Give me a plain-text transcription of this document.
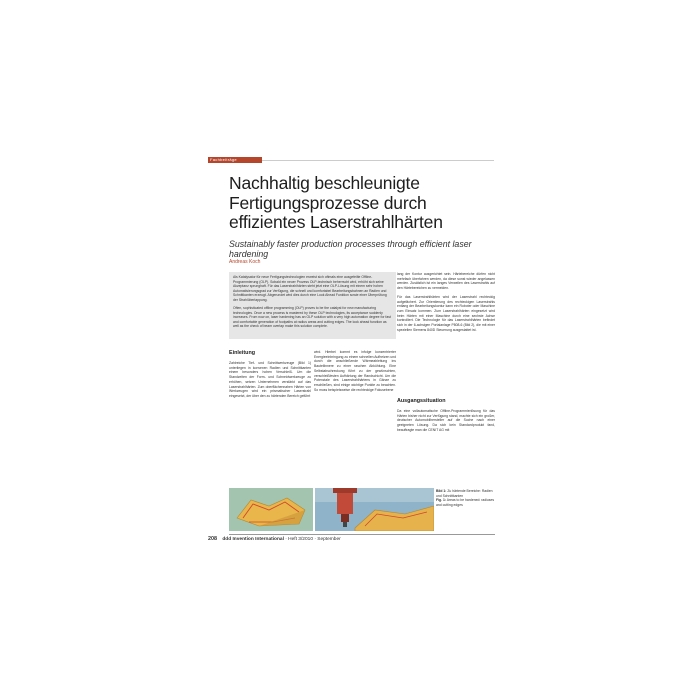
Fachbeiträge
Nachhaltig beschleunigte Fertigungsprozesse durch effizientes Laserstrahlhärten
Sustainably faster production processes through efficient laser hardening
Andreas Koch

Als Katalysator für neue Fertigungstechnologien erweist sich oftmals eine ausgefeilte Offline-Programmierung (OLP). Sobald ein neuer Prozess OLP-technisch beherrscht wird, erhöht sich seine Akzeptanz sprunghaft. Für das Laserstrahlhärten steht jetzt eine OLP-Lösung mit einem sehr hohen Automatisierungsgrad zur Verfügung, die schnell und komfortabel Bearbeitungsbahnen an Radien und Schnittkanten erzeugt. Abgerundet wird dies durch eine Look Ahead Funktion sowie einer Überprüfung der Strahlüberlappung.

Often, sophisticated offline programming (OLP) proves to be the catalyst for new manufacturing technologies. Once a new process is mastered by these OLP technologies, its acceptance suddenly increases. From now on, laser hardening has an OLP solution with a very high automation degree for fast and comfortable generation of footpaths at radius areas and cutting edges. The look ahead function as well as the check of beam overlap make this solution complete.

Einleitung

Zahlreiche Tief- und Schnittwerkzeuge (Bild 1) unterliegen in konvexen Radien und Schnittkanten einem besonders hohen Verschleiß. Um die Standzeiten der Form- und Schneidwerkzeuge zu erhöhen, setzen Unternehmen verstärkt auf das Laserstrahlhärten. Zum oberflächennahen Härten von Werkzeugen wird ein prismatischer Laserstrahl eingesetzt, der über den zu härtenden Bereich geführt

wird. Hierbei kommt es infolge konzentrierter Energieeinbringung zu einem schnellen Aufheizen und durch die anschließende Wärmeableitung ins Bauteilinnere zu einer raschen Abkühlung. Eine Selbstabschreckung führt zu der gewünschten, verschleißfesten Aufhärtung der Randschicht. Um die Potenziale des Laserstrahlhärtens in Gänze zu erschließen, sind einige wichtige Punkte zu beachten. So muss beispielsweise die rechteckige Fokusebene

lang der Kontur ausgerichtet sein. Härtebereiche dürfen nicht mehrfach überfahren werden, da diese sonst wieder angelassen werden. Zusätzlich ist ein langes Verweilen des Laserstrahls auf den Härtebereichen zu vermeiden.

Für das Laserstrahlhärten wird der Laserstrahl rechteckig aufgefächert. Zur Orientierung des rechteckigen Laserstrahls entlang der Bearbeitungskontur kann ein Roboter oder Maschine zum Einsatz kommen. Zum Laserstrahlhärten eingesetzt wird beim Härten mit einer Maschine durch eine sechste Achse kontrolliert. Die Technologie für das Laserstrahlhärten befindet sich in der 6-achsigen Portalanlage P808-6 (Bild 2), die mit einer speziellen Siemens 840D Steuerung ausgestattet ist.

Ausgangssituation

Da eine vollautomatische Offline-Programmierlösung für das Härten bisher nicht zur Verfügung stand, machte sich ein großer, deutscher Automobilhersteller auf die Suche nach einer geeigneten Lösung. Da sich kein Standardprodukt fand, beauftragte man die CENIT AG mit

Bild 1: Zu härtende Bereiche: Radien und Schnittkanten
Fig. 1: Areas to be hardened: radiuses and cutting edges
208 ddd Invention International · Heft 3/2010 · September
